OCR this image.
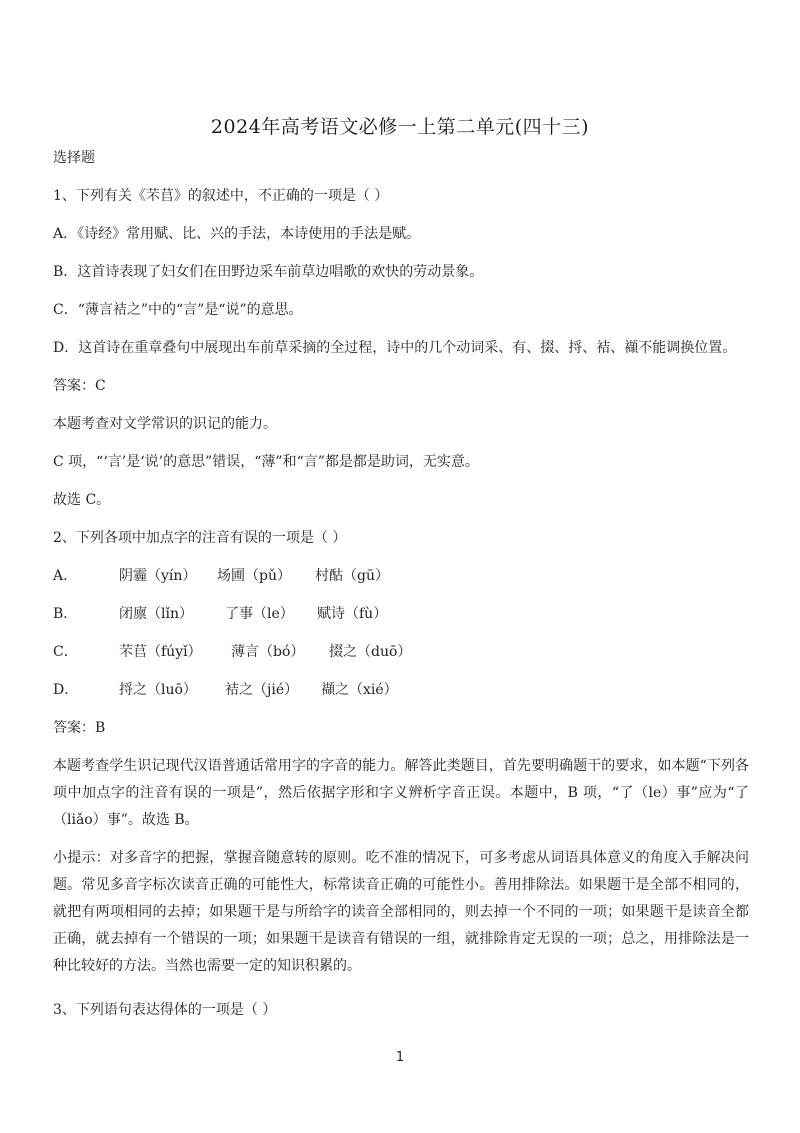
2024年高考语文必修一上第二单元(四十三)
选择题
1、下列有关《芣苢》的叙述中，不正确的一项是（ ）
A．《诗经》常用赋、比、兴的手法，本诗使用的手法是赋。
B．这首诗表现了妇女们在田野边采车前草边唱歌的欢快的劳动景象。
C．“薄言袺之”中的“言”是“说”的意思。
D．这首诗在重章叠句中展现出车前草采摘的全过程，诗中的几个动词采、有、掇、捋、袺、襭不能调换位置。
答案：C
本题考查对文学常识的识记的能力。
C 项，“‘言’是‘说’的意思”错误，“薄”和“言”都是都是助词，无实意。
故选 C。
2、下列各项中加点字的注音有误的一项是（ ）
A．	阴霾（yín） 场圃（pǔ） 村酤（gū）
B．	闭廪（lǐn） 了事（le） 赋诗（fù）
C．	芣苢（fúyǐ） 薄言（bó） 掇之（duō）
D．	捋之（luō） 袺之（jié） 襭之（xié）
答案：B
本题考查学生识记现代汉语普通话常用字的字音的能力。解答此类题目，首先要明确题干的要求，如本题“下列各项中加点字的注音有误的一项是”，然后依据字形和字义辨析字音正误。本题中，B 项，“了（le）事”应为“了（liǎo）事”。故选 B。
小提示：对多音字的把握，掌握音随意转的原则。吃不准的情况下，可多考虑从词语具体意义的角度入手解决问题。常见多音字标次读音正确的可能性大，标常读音正确的可能性小。善用排除法。如果题干是全部不相同的，就把有两项相同的去掉；如果题干是与所给字的读音全部相同的，则去掉一个不同的一项；如果题干是读音全都正确，就去掉有一个错误的一项；如果题干是读音有错误的一组，就排除肯定无误的一项；总之，用排除法是一种比较好的方法。当然也需要一定的知识积累的。
3、下列语句表达得体的一项是（ ）
1
